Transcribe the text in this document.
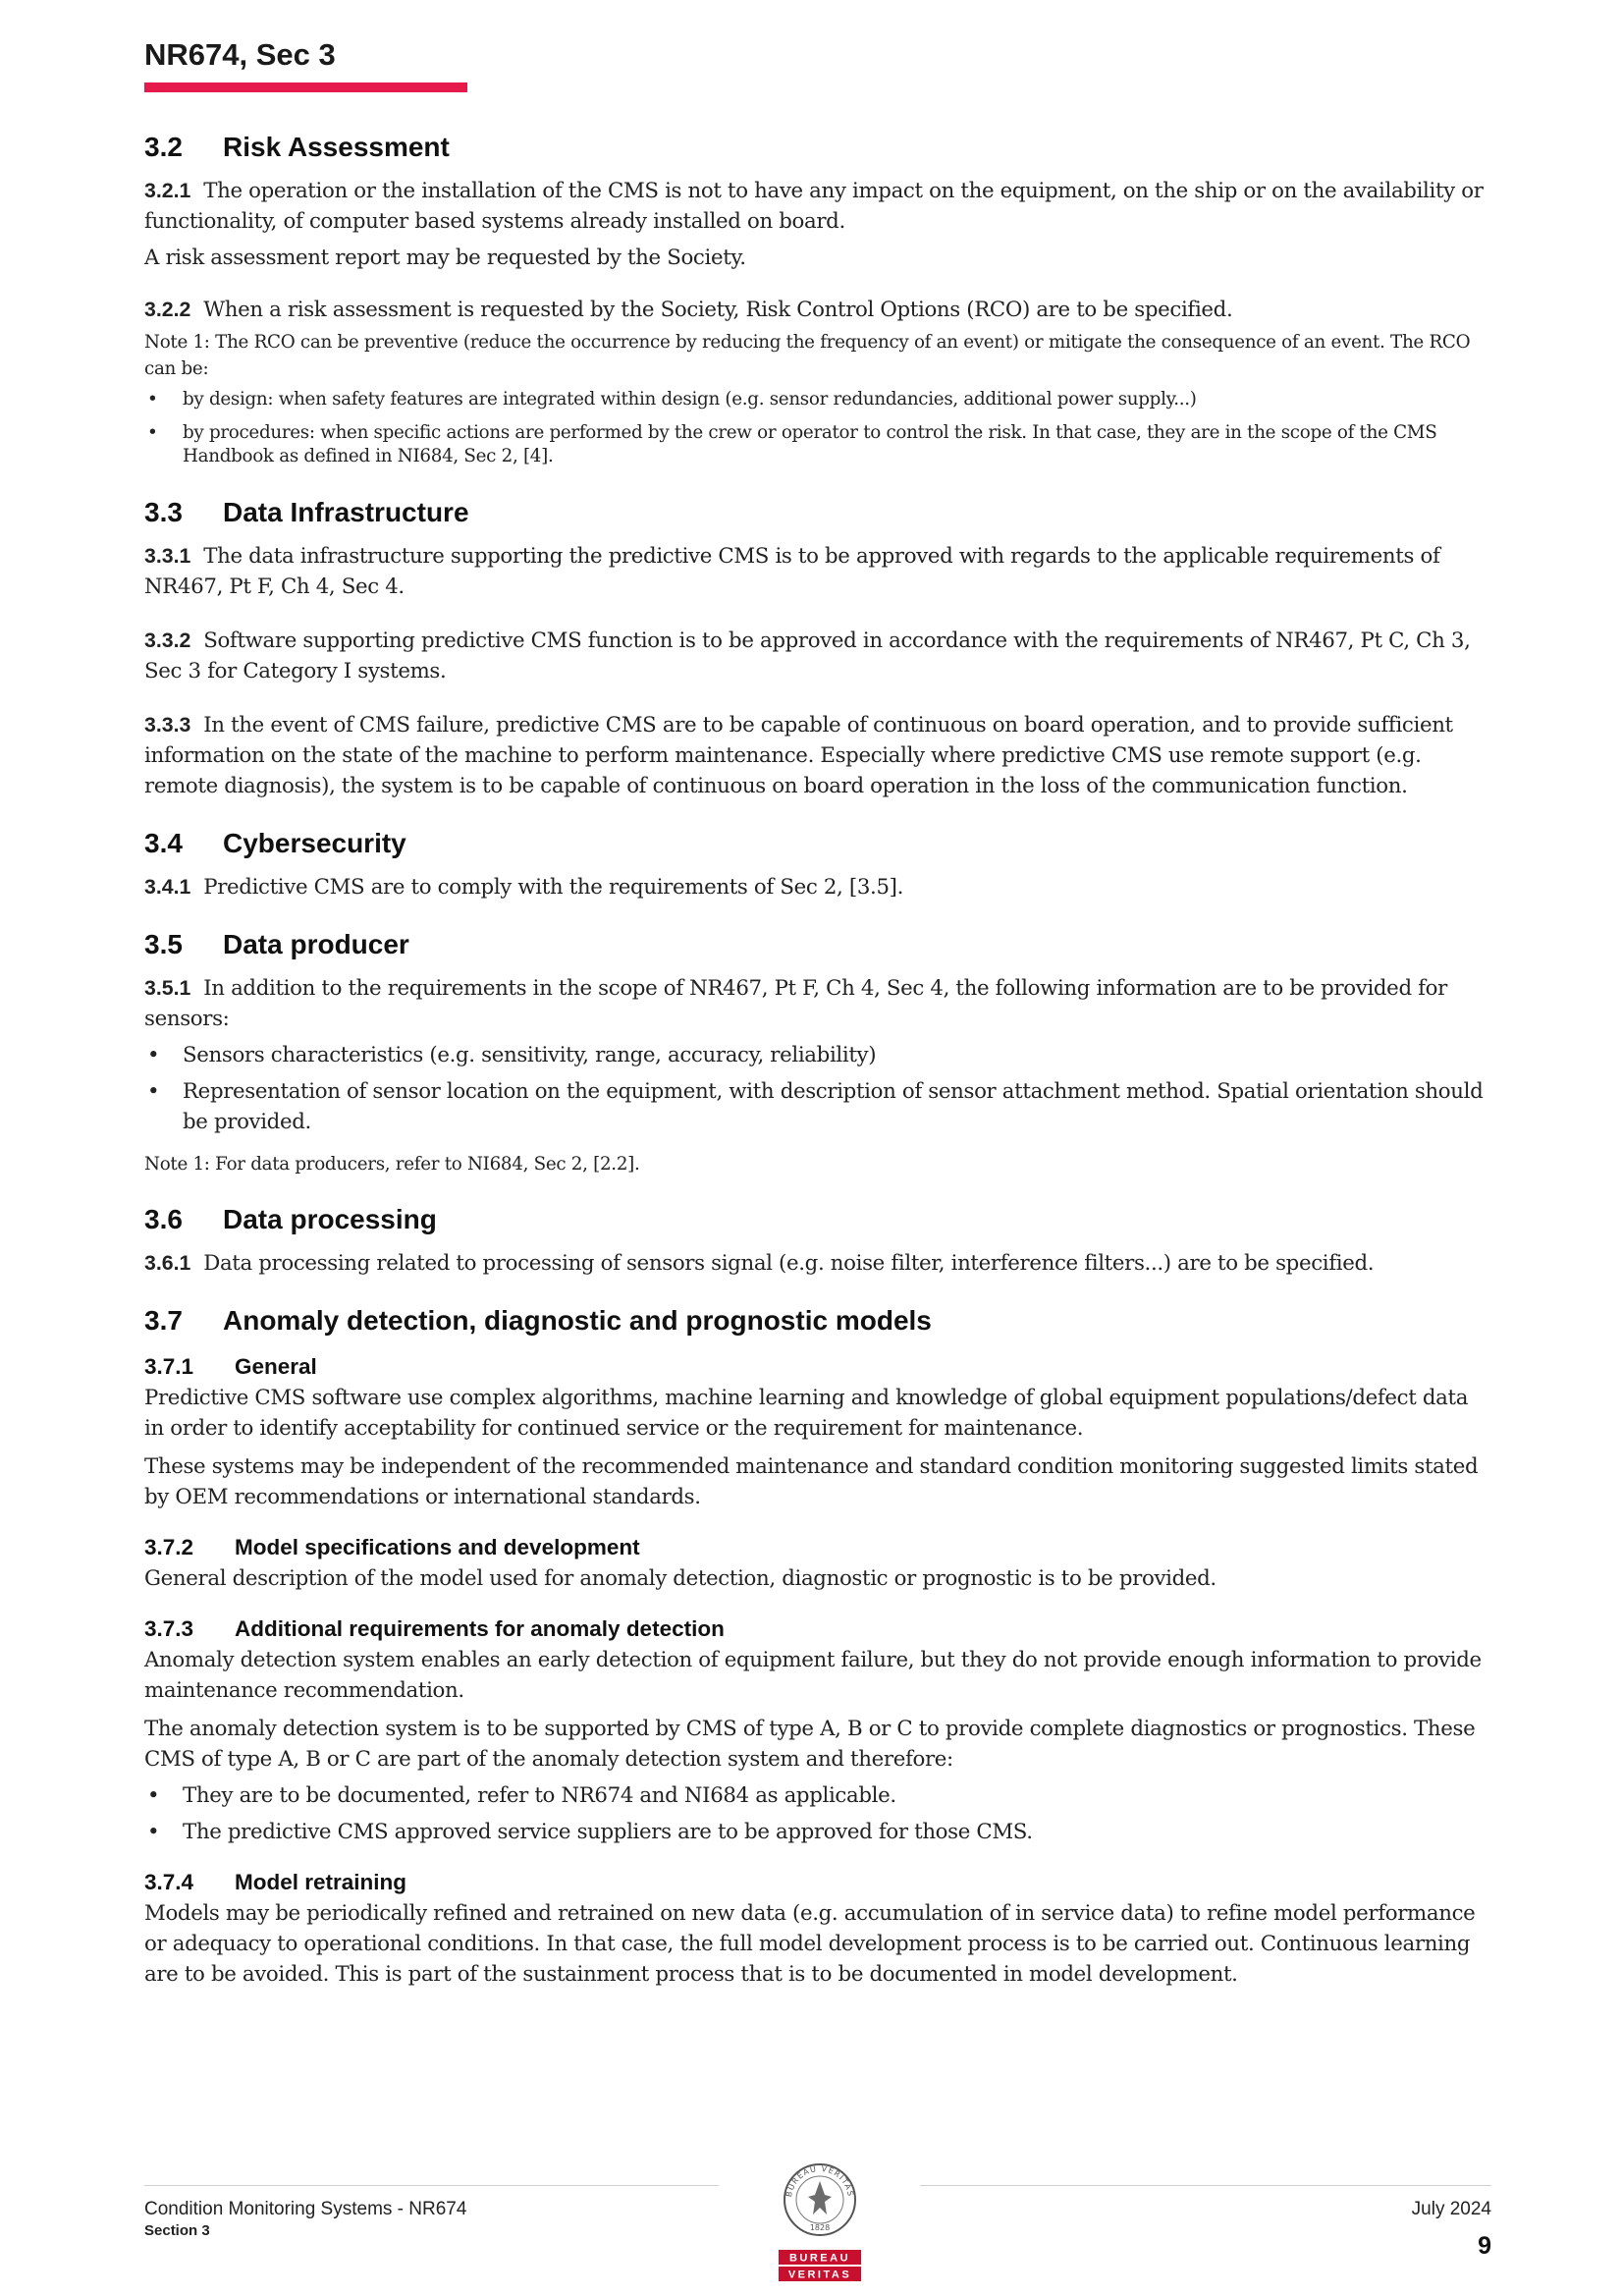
NR674, Sec 3
3.2 Risk Assessment

3.2.1 The operation or the installation of the CMS is not to have any impact on the equipment, on the ship or on the availability or functionality, of computer based systems already installed on board.

A risk assessment report may be requested by the Society.

3.2.2 When a risk assessment is requested by the Society, Risk Control Options (RCO) are to be specified.

Note 1: The RCO can be preventive (reduce the occurrence by reducing the frequency of an event) or mitigate the consequence of an event. The RCO can be:

• by design: when safety features are integrated within design (e.g. sensor redundancies, additional power supply...)
• by procedures: when specific actions are performed by the crew or operator to control the risk. In that case, they are in the scope of the CMS Handbook as defined in NI684, Sec 2, [4].
3.3 Data Infrastructure

3.3.1 The data infrastructure supporting the predictive CMS is to be approved with regards to the applicable requirements of NR467, Pt F, Ch 4, Sec 4.

3.3.2 Software supporting predictive CMS function is to be approved in accordance with the requirements of NR467, Pt C, Ch 3, Sec 3 for Category I systems.

3.3.3 In the event of CMS failure, predictive CMS are to be capable of continuous on board operation, and to provide sufficient information on the state of the machine to perform maintenance. Especially where predictive CMS use remote support (e.g. remote diagnosis), the system is to be capable of continuous on board operation in the loss of the communication function.

3.4 Cybersecurity

3.4.1 Predictive CMS are to comply with the requirements of Sec 2, [3.5].

3.5 Data producer

3.5.1 In addition to the requirements in the scope of NR467, Pt F, Ch 4, Sec 4, the following information are to be provided for sensors:

• Sensors characteristics (e.g. sensitivity, range, accuracy, reliability)
• Representation of sensor location on the equipment, with description of sensor attachment method. Spatial orientation should be provided.

Note 1: For data producers, refer to NI684, Sec 2, [2.2].

3.6 Data processing

3.6.1 Data processing related to processing of sensors signal (e.g. noise filter, interference filters...) are to be specified.

3.7 Anomaly detection, diagnostic and prognostic models
3.7.1 General

Predictive CMS software use complex algorithms, machine learning and knowledge of global equipment populations/defect data in order to identify acceptability for continued service or the requirement for maintenance.

These systems may be independent of the recommended maintenance and standard condition monitoring suggested limits stated by OEM recommendations or international standards.

3.7.2 Model specifications and development

General description of the model used for anomaly detection, diagnostic or prognostic is to be provided.

3.7.3 Additional requirements for anomaly detection

Anomaly detection system enables an early detection of equipment failure, but they do not provide enough information to provide maintenance recommendation.

The anomaly detection system is to be supported by CMS of type A, B or C to provide complete diagnostics or prognostics. These CMS of type A, B or C are part of the anomaly detection system and therefore:

• They are to be documented, refer to NR674 and NI684 as applicable.
• The predictive CMS approved service suppliers are to be approved for those CMS.
3.7.4 Model retraining

Models may be periodically refined and retrained on new data (e.g. accumulation of in service data) to refine model performance or adequacy to operational conditions. In that case, the full model development process is to be carried out. Continuous learning are to be avoided. This is part of the sustainment process that is to be documented in model development.

Condition Monitoring Systems - NR674
Section 3
BUREAU VERITAS
1828
BUREAU
VERITAS
July 2024
9
